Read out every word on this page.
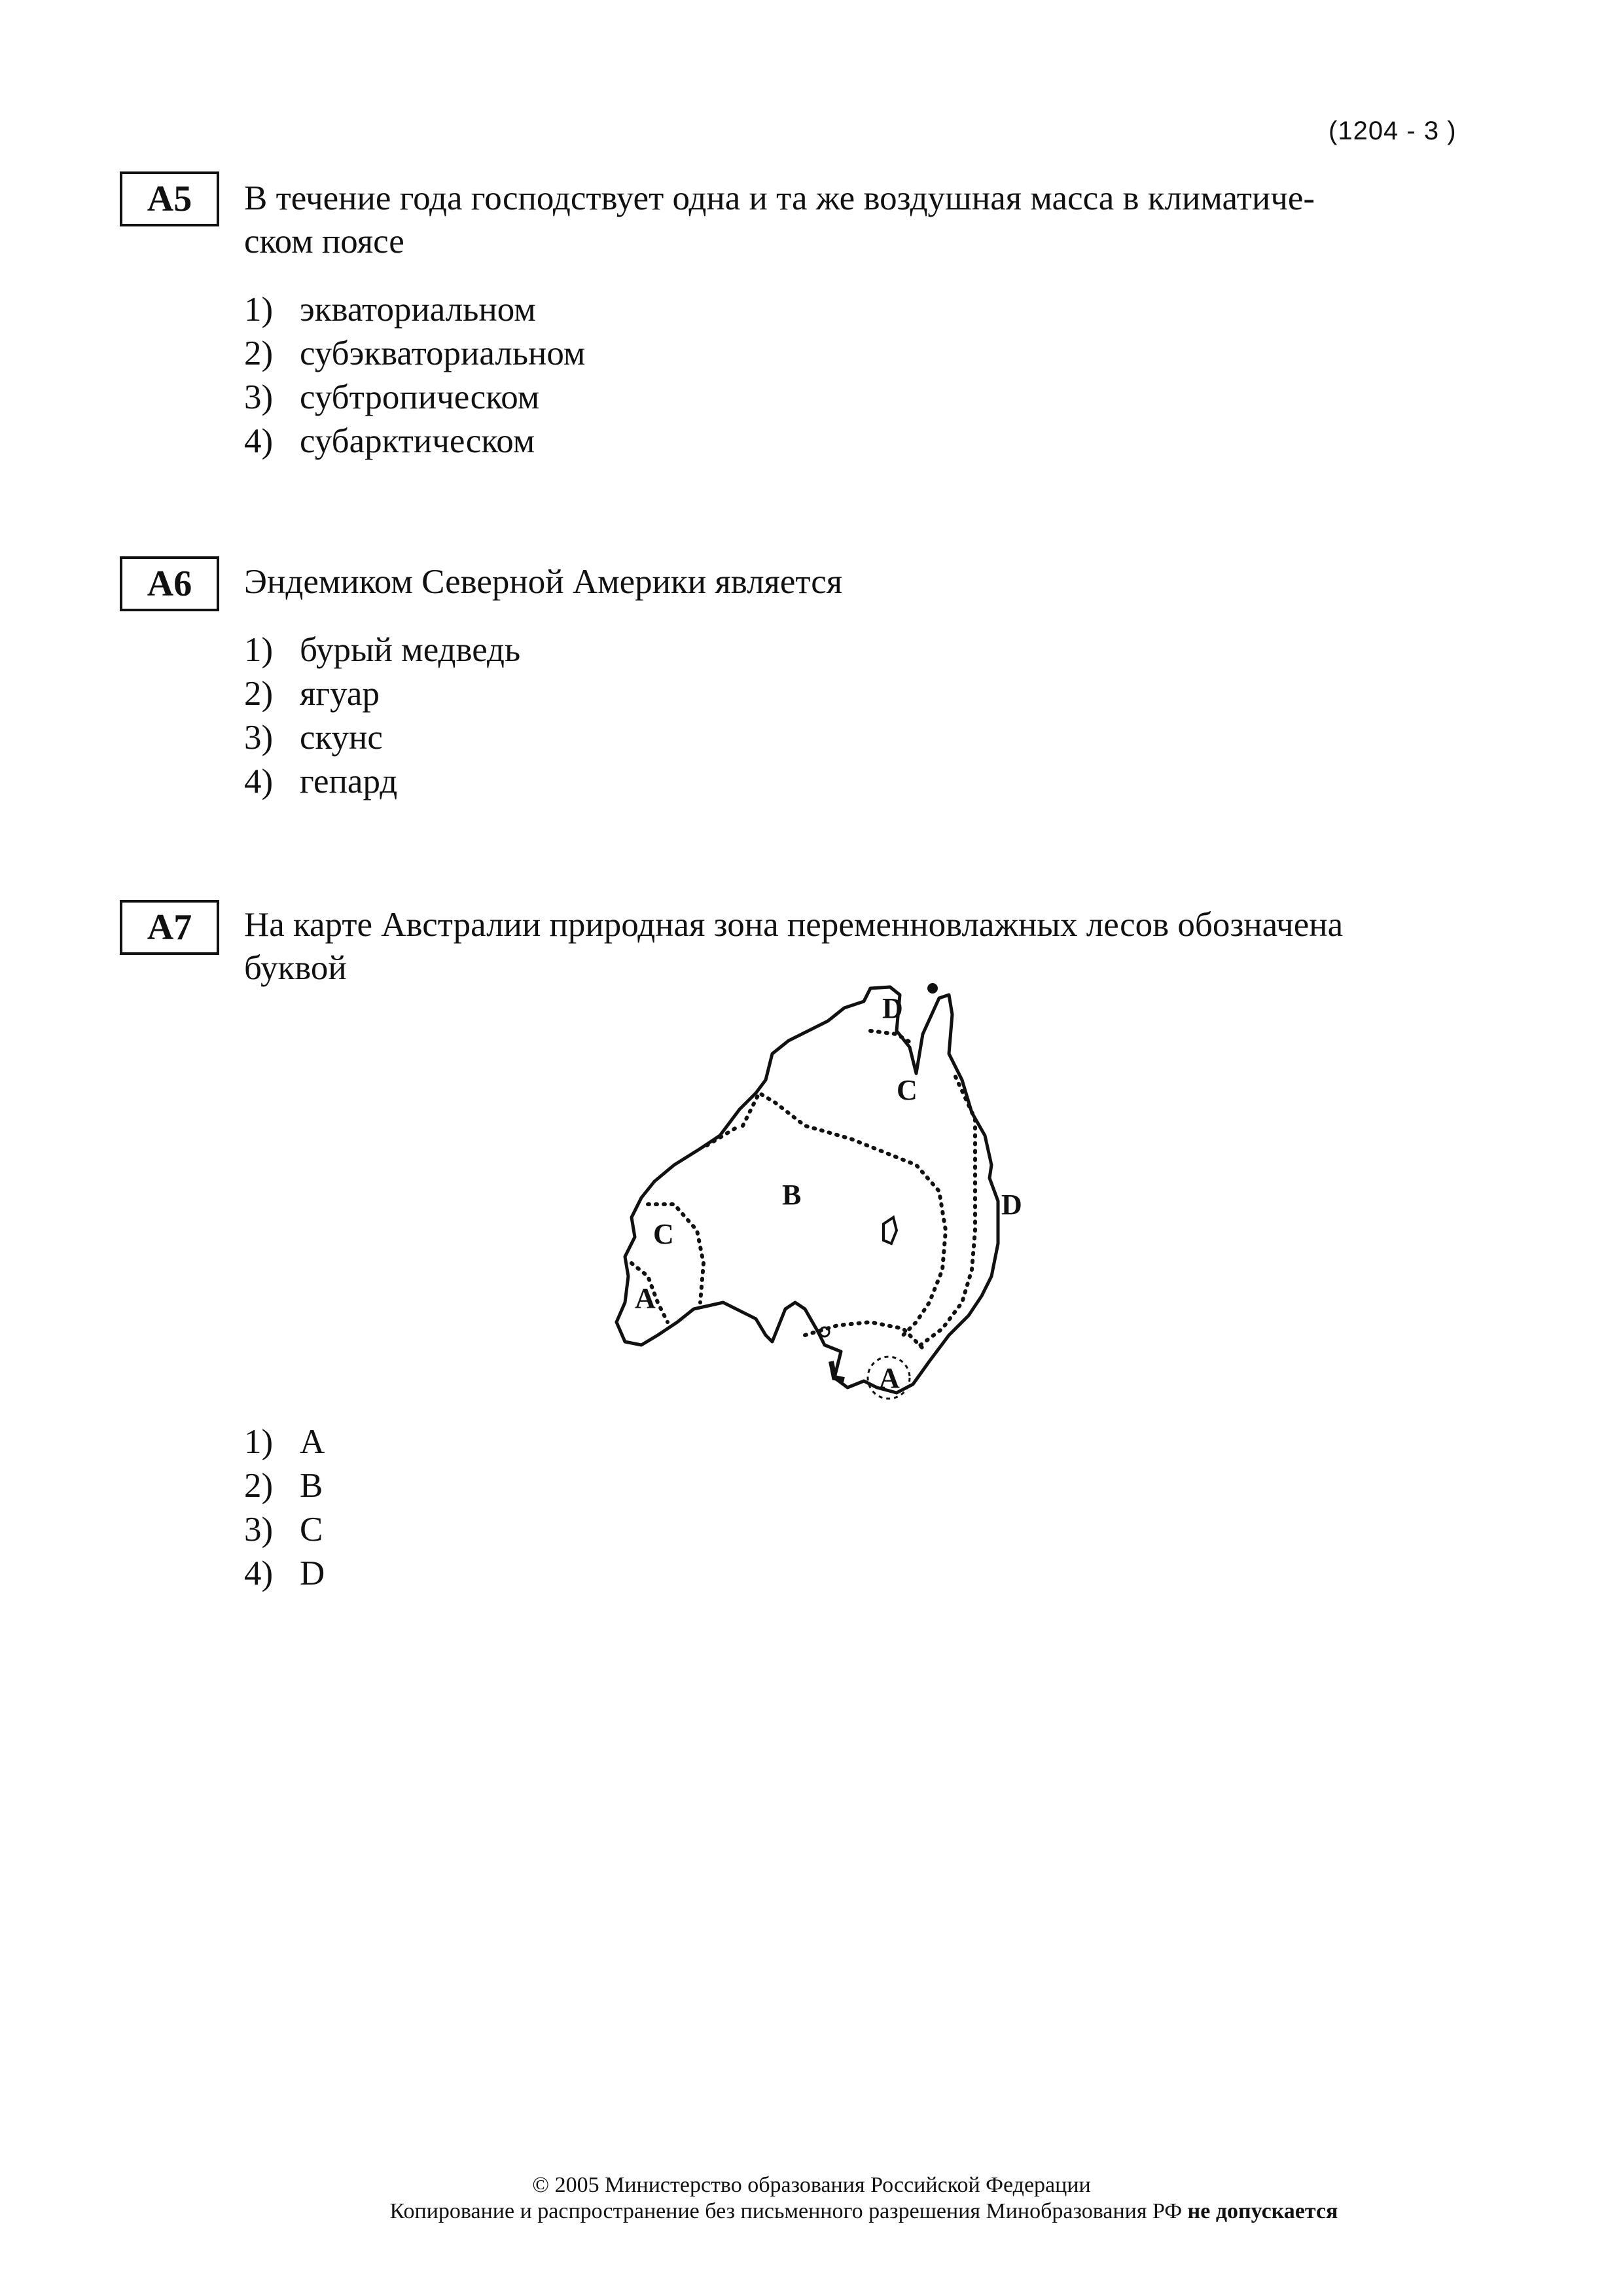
(1204 - 3 )
A5	В течение года господствует одна и та же воздушная масса в климатиче-
ском поясе
1) экваториальном
2) субэкваториальном
3) субтропическом
4) субарктическом
A6	Эндемиком Северной Америки является
1) бурый медведь
2) ягуар
3) скунс
4) гепард
A7	На карте Австралии природная зона переменновлажных лесов обозначена
буквой
D
C
B	D
C
A
A
1) A
2) B
3) C
4) D
© 2005 Министерство образования Российской Федерации
Копирование и распространение без письменного разрешения Минобразования РФ не допускается
